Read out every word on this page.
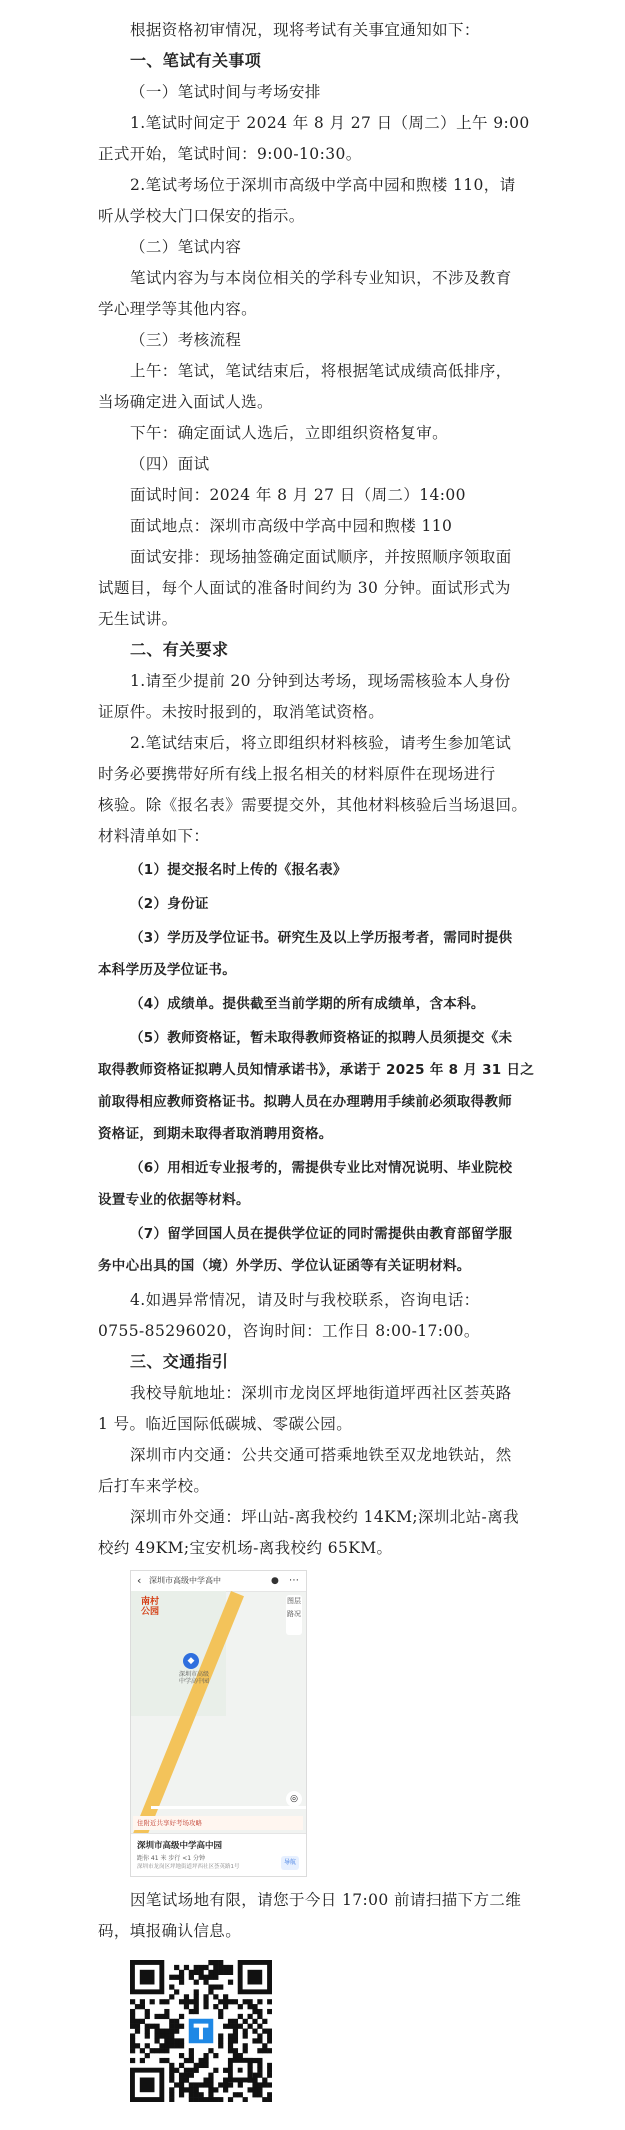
根据资格初审情况，现将考试有关事宜通知如下：
一、笔试有关事项
（一）笔试时间与考场安排
1.笔试时间定于 2024 年 8 月 27 日（周二）上午 9:00
正式开始，笔试时间：9:00-10:30。
2.笔试考场位于深圳市高级中学高中园和煦楼 110，请
听从学校大门口保安的指示。
（二）笔试内容
笔试内容为与本岗位相关的学科专业知识，不涉及教育
学心理学等其他内容。
（三）考核流程
上午：笔试，笔试结束后，将根据笔试成绩高低排序，
当场确定进入面试人选。
下午：确定面试人选后，立即组织资格复审。
（四）面试
面试时间：2024 年 8 月 27 日（周二）14:00
面试地点：深圳市高级中学高中园和煦楼 110
面试安排：现场抽签确定面试顺序，并按照顺序领取面
试题目，每个人面试的准备时间约为 30 分钟。面试形式为
无生试讲。
二、有关要求
1.请至少提前 20 分钟到达考场，现场需核验本人身份
证原件。未按时报到的，取消笔试资格。
2.笔试结束后，将立即组织材料核验，请考生参加笔试
时务必要携带好所有线上报名相关的材料原件在现场进行
核验。除《报名表》需要提交外，其他材料核验后当场退回。
材料清单如下：
（1）提交报名时上传的《报名表》
（2）身份证
（3）学历及学位证书。研究生及以上学历报考者，需同时提供
本科学历及学位证书。
（4）成绩单。提供截至当前学期的所有成绩单，含本科。
（5）教师资格证，暂未取得教师资格证的拟聘人员须提交《未
取得教师资格证拟聘人员知情承诺书》，承诺于 2025 年 8 月 31 日之
前取得相应教师资格证书。拟聘人员在办理聘用手续前必须取得教师
资格证，到期未取得者取消聘用资格。
（6）用相近专业报考的，需提供专业比对情况说明、毕业院校
设置专业的依据等材料。
（7）留学回国人员在提供学位证的同时需提供由教育部留学服
务中心出具的国（境）外学历、学位认证函等有关证明材料。
4.如遇异常情况，请及时与我校联系，咨询电话：
0755-85296020，咨询时间：工作日 8:00-17:00。
三、交通指引
我校导航地址：深圳市龙岗区坪地街道坪西社区荟英路
1 号。临近国际低碳城、零碳公园。
深圳市内交通：公共交通可搭乘地铁至双龙地铁站，然
后打车来学校。
深圳市外交通：坪山站-离我校约 14KM;深圳北站-离我
校约 49KM;宝安机场-离我校约 65KM。
‹ 深圳市高级中学高中	● ⋯
南村
公园
◆
深圳市高级
中学高中园
图层
路况
◎
住附近共享好考场攻略
深圳市高级中学高中园
距你 41 米 步行 <1 分钟
深圳市龙岗区坪地街道坪西社区荟英路1号
导航
因笔试场地有限，请您于今日 17:00 前请扫描下方二维
码，填报确认信息。
